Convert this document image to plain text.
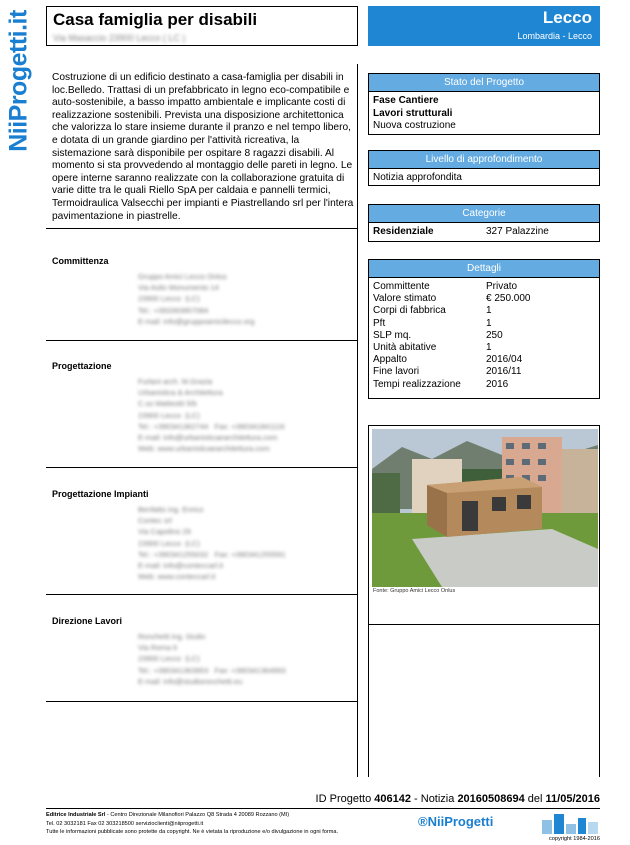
NiiProgetti.it Casa famiglia per disabili
Via Masaccio 23900 Lecco ( LC )
Lecco
Lombardia - Lecco
Costruzione di un edificio destinato a casa-famiglia per disabili in loc.Belledo. Trattasi di un prefabbricato in legno eco-compatibile e auto-sostenibile, a basso impatto ambientale e implicante costi di realizzazione sostenibili. Prevista una disposizione architettonica che valorizza lo stare insieme durante il pranzo e nel tempo libero, e dotata di un grande giardino per l'attività ricreativa, la sistemazione sarà disponibile per ospitare 8 ragazzi disabili. Al momento si sta provvedendo al montaggio delle pareti in legno. Le opere interne saranno realizzate con la collaborazione gratuita di varie ditte tra le quali Riello SpA per caldaia e pannelli termici, Termoidraulica Valsecchi per impianti e Piastrellando srl per l'intera pavimentazione in piastrelle.
Committenza
Gruppo Amici Lecco Onlus
Via Asilo Monumento 14
23900 Lecco  (LC)
Tel.: +393393957084
E-mail: info@gruppoamicilecco.org
Progettazione
Furlani arch. M.Grazia
Urbanistica & Architettura
C.so Matteotti 5/b
23900 Lecco  (LC)
Tel.: +390341362744   Fax: +390341841116
E-mail: info@urbanisticaearchitettura.com
Web: www.urbanisticaearchitettura.com
Progettazione Impianti
Benfatto ing. Enrico
Contec srl
Via Capolino 29
23900 Lecco  (LC)
Tel.: +390341255032   Fax: +390341255591
E-mail: info@conteccarl.it
Web: www.conteccarl.it
Direzione Lavori
Ronchetti ing. Giulio
Via Roma 6
23900 Lecco  (LC)
Tel.: +390341363953   Fax: +390341364993
E-mail: info@studioronchetti.eu
Stato del Progetto
Fase Cantiere
Lavori strutturali
Nuova costruzione
Livello di approfondimento
Notizia approfondita
Categorie
Residenziale	327 Palazzine
Dettagli
Committente	Privato
Valore stimato	€ 250.000
Corpi di fabbrica	1
Pft	1
SLP mq.	250
Unità abitative	1
Appalto	2016/04
Fine lavori	2016/11
Tempi realizzazione	2016
Fonte: Gruppo Amici Lecco Onlus
ID Progetto 406142 - Notizia 20160508694 del 11/05/2016
Editrice Industriale Srl - Centro Direzionale Milanofiori Palazzo Q8 Strada 4 20089 Rozzano (MI)
Tel. 02 3032181 Fax 02 303218500 servizioclienti@niiprogetti.it
Tutte le informazioni pubblicate sono protette da copyright. Ne è vietata la riproduzione e/o divulgazione in ogni forma.
®NiiProgetti
copyright 1984-2016
